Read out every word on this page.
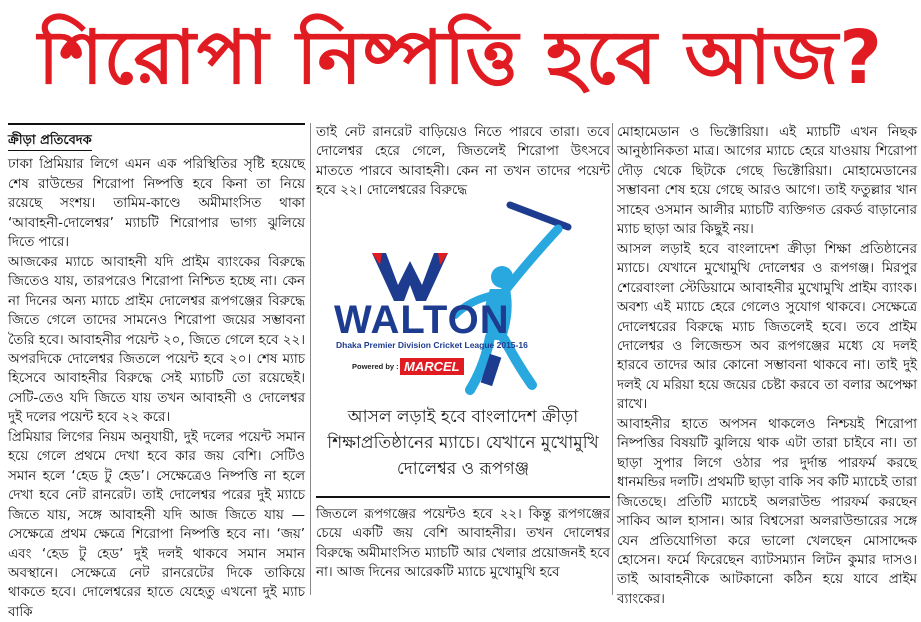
শিরোপা নিষ্পত্তি হবে আজ?
ক্রীড়া প্রতিবেদক

ঢাকা প্রিমিয়ার লিগে এমন এক পরিস্থিতির সৃষ্টি হয়েছে শেষ রাউন্ডের শিরোপা নিষ্পত্তি হবে কিনা তা নিয়ে রয়েছে সংশয়। তামিম-কাণ্ডে অমীমাংসিত থাকা ‘আবাহনী-দোলেশ্বর’ ম্যাচটি শিরোপার ভাগ্য ঝুলিয়ে দিতে পারে।

আজকের ম্যাচে আবাহনী যদি প্রাইম ব্যাংকের বিরুদ্ধে জিতেও যায়, তারপরেও শিরোপা নিশ্চিত হচ্ছে না। কেন না দিনের অন্য ম্যাচে প্রাইম দোলেশ্বর রূপগঞ্জের বিরুদ্ধে জিতে গেলে তাদের সামনেও শিরোপা জয়ের সম্ভাবনা তৈরি হবে। আবাহনীর পয়েন্ট ২০, জিতে গেলে হবে ২২। অপরদিকে দোলেশ্বর জিতলে পয়েন্ট হবে ২০। শেষ ম্যাচ হিসেবে আবাহনীর বিরুদ্ধে সেই ম্যাচটি তো রয়েছেই। সেটি-তেও যদি জিতে যায় তখন আবাহনী ও দোলেশ্বর দুই দলের পয়েন্ট হবে ২২ করে।

প্রিমিয়ার লিগের নিয়ম অনুযায়ী, দুই দলের পয়েন্ট সমান হয়ে গেলে প্রথমে দেখা হবে কার জয় বেশি। সেটিও সমান হলে ‘হেড টু হেড’। সেক্ষেত্রেও নিষ্পত্তি না হলে দেখা হবে নেট রানরেট। তাই দোলেশ্বর পরের দুই ম্যাচে জিতে যায়, সঙ্গে আবাহনী যদি আজ জিতে যায় —সেক্ষেত্রে প্রথম ক্ষেত্রে শিরোপা নিষ্পত্তি হবে না। ‘জয়’ এবং ‘হেড টু হেড’ দুই দলই থাকবে সমান সমান অবস্থানে। সেক্ষেত্রে নেট রানরেটের দিকে তাকিয়ে থাকতে হবে। দোলেশ্বরের হাতে যেহেতু এখনো দুই ম্যাচ বাকি

তাই নেট রানরেট বাড়িয়েও নিতে পারবে তারা। তবে দোলেশ্বর হেরে গেলে, জিতলেই শিরোপা উৎসবে মাততে পারবে আবাহনী। কেন না তখন তাদের পয়েন্ট হবে ২২। দোলেশ্বরের বিরুদ্ধে

WALTON
Dhaka Premier Division Cricket League 2015-16
Powered by : MARCEL
আসল লড়াই হবে বাংলাদেশ ক্রীড়া শিক্ষাপ্রতিষ্ঠানের ম্যাচে। যেখানে মুখোমুখি দোলেশ্বর ও রূপগঞ্জ

জিতলে রূপগঞ্জের পয়েন্টও হবে ২২। কিন্তু রূপগঞ্জের চেয়ে একটি জয় বেশি আবাহনীর। তখন দোলেশ্বর বিরুদ্ধে অমীমাংসিত ম্যাচটি আর খেলার প্রয়োজনই হবে না। আজ দিনের আরেকটি ম্যাচে মুখোমুখি হবে

মোহামেডান ও ভিক্টোরিয়া। এই ম্যাচটি এখন নিছক আনুষ্ঠানিকতা মাত্র। আগের ম্যাচে হেরে যাওয়ায় শিরোপা দৌড় থেকে ছিটকে গেছে ভিক্টোরিয়া। মোহামেডানের সম্ভাবনা শেষ হয়ে গেছে আরও আগে। তাই ফতুল্লার খান সাহেব ওসমান আলীর ম্যাচটি ব্যক্তিগত রেকর্ড বাড়ানোর ম্যাচ ছাড়া আর কিছুই নয়।

আসল লড়াই হবে বাংলাদেশ ক্রীড়া শিক্ষা প্রতিষ্ঠানের ম্যাচে। যেখানে মুখোমুখি দোলেশ্বর ও রূপগঞ্জ। মিরপুর শেরেবাংলা স্টেডিয়ামে আবাহনীর মুখোমুখি প্রাইম ব্যাংক। অবশ্য এই ম্যাচে হেরে গেলেও সুযোগ থাকবে। সেক্ষেত্রে দোলেশ্বরের বিরুদ্ধে ম্যাচ জিতলেই হবে। তবে প্রাইম দোলেশ্বর ও লিজেন্ডস অব রূপগঞ্জের মধ্যে যে দলই হারবে তাদের আর কোনো সম্ভাবনা থাকবে না। তাই দুই দলই যে মরিয়া হয়ে জয়ের চেষ্টা করবে তা বলার অপেক্ষা রাখে।

আবাহনীর হাতে অপসন থাকলেও নিশ্চয়ই শিরোপা নিষ্পত্তির বিষয়টি ঝুলিয়ে থাক এটা তারা চাইবে না। তা ছাড়া সুপার লিগে ওঠার পর দুর্দান্ত পারফর্ম করছে ধানমন্ডির দলটি। প্রথমটি ছাড়া বাকি সব কটি ম্যাচেই তারা জিতেছে। প্রতিটি ম্যাচেই অলরাউন্ড পারফর্ম করছেন সাকিব আল হাসান। আর বিশ্বসেরা অলরাউন্ডারের সঙ্গে যেন প্রতিযোগিতা করে ভালো খেলছেন মোসাদ্দেক হোসেন। ফর্মে ফিরেছেন ব্যাটসম্যান লিটন কুমার দাসও। তাই আবাহনীকে আটকানো কঠিন হয়ে যাবে প্রাইম ব্যাংকের।
